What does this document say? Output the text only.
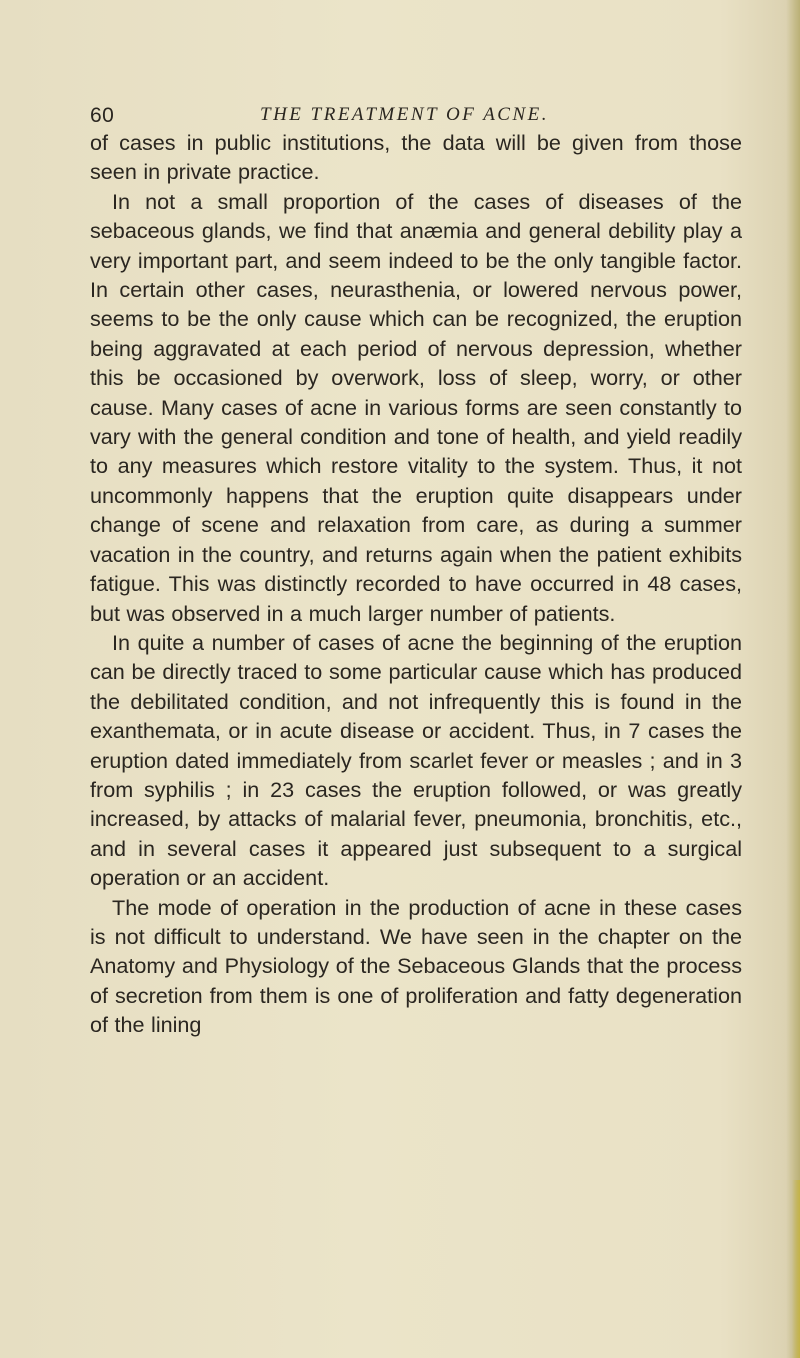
60	THE TREATMENT OF ACNE.

of cases in public institutions, the data will be given from those seen in private practice.

In not a small proportion of the cases of diseases of the sebaceous glands, we find that anæmia and general debility play a very important part, and seem indeed to be the only tangible factor. In certain other cases, neurasthenia, or lowered nervous power, seems to be the only cause which can be recognized, the eruption being aggravated at each period of nervous depression, whether this be occasioned by overwork, loss of sleep, worry, or other cause. Many cases of acne in various forms are seen constantly to vary with the general condition and tone of health, and yield readily to any measures which restore vitality to the system. Thus, it not uncommonly happens that the eruption quite disappears under change of scene and relaxation from care, as during a summer vacation in the country, and returns again when the patient exhibits fatigue. This was distinctly recorded to have occurred in 48 cases, but was observed in a much larger number of patients.

In quite a number of cases of acne the beginning of the eruption can be directly traced to some particular cause which has produced the debilitated condition, and not infrequently this is found in the exanthemata, or in acute disease or accident. Thus, in 7 cases the eruption dated immediately from scarlet fever or measles ; and in 3 from syphilis ; in 23 cases the eruption followed, or was greatly increased, by attacks of malarial fever, pneumonia, bronchitis, etc., and in several cases it appeared just subsequent to a surgical operation or an accident.

The mode of operation in the production of acne in these cases is not difficult to understand. We have seen in the chapter on the Anatomy and Physiology of the Sebaceous Glands that the process of secretion from them is one of proliferation and fatty degeneration of the lining
